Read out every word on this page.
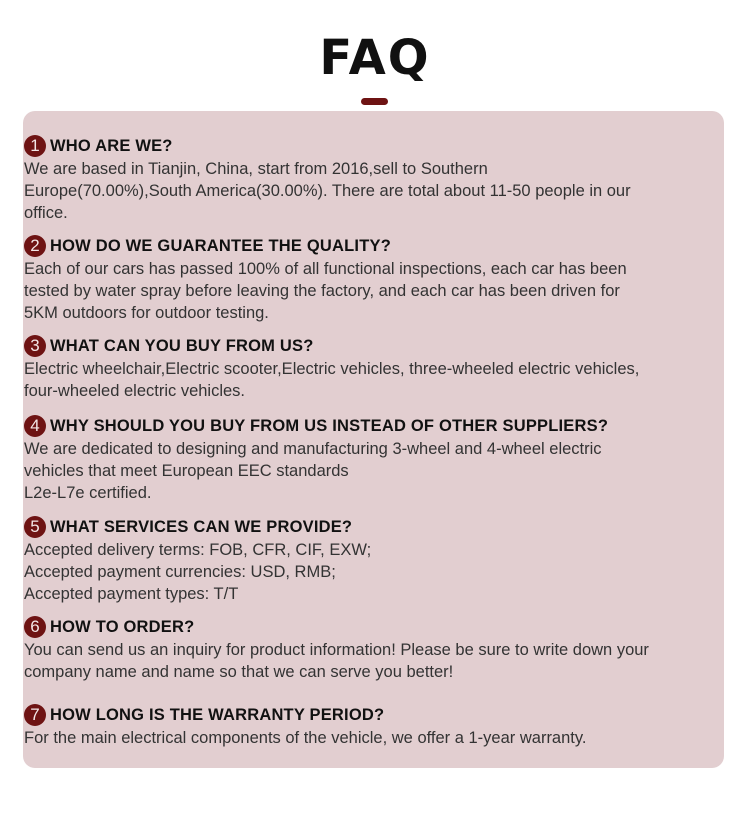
FAQ
1 WHO ARE WE?
We are based in Tianjin, China, start from 2016,sell to Southern
Europe(70.00%),South America(30.00%). There are total about 11-50 people in our
office.
2 HOW DO WE GUARANTEE THE QUALITY?
Each of our cars has passed 100% of all functional inspections, each car has been
tested by water spray before leaving the factory, and each car has been driven for
5KM outdoors for outdoor testing.
3 WHAT CAN YOU BUY FROM US?
Electric wheelchair,Electric scooter,Electric vehicles, three-wheeled electric vehicles,
four-wheeled electric vehicles.
4 WHY SHOULD YOU BUY FROM US INSTEAD OF OTHER SUPPLIERS?
We are dedicated to designing and manufacturing 3-wheel and 4-wheel electric
vehicles that meet European EEC standards
L2e-L7e certified.
5 WHAT SERVICES CAN WE PROVIDE?
Accepted delivery terms: FOB, CFR, CIF, EXW;
Accepted payment currencies: USD, RMB;
Accepted payment types: T/T
6 HOW TO ORDER?
You can send us an inquiry for product information! Please be sure to write down your
company name and name so that we can serve you better!
7 HOW LONG IS THE WARRANTY PERIOD?
For the main electrical components of the vehicle, we offer a 1-year warranty.
